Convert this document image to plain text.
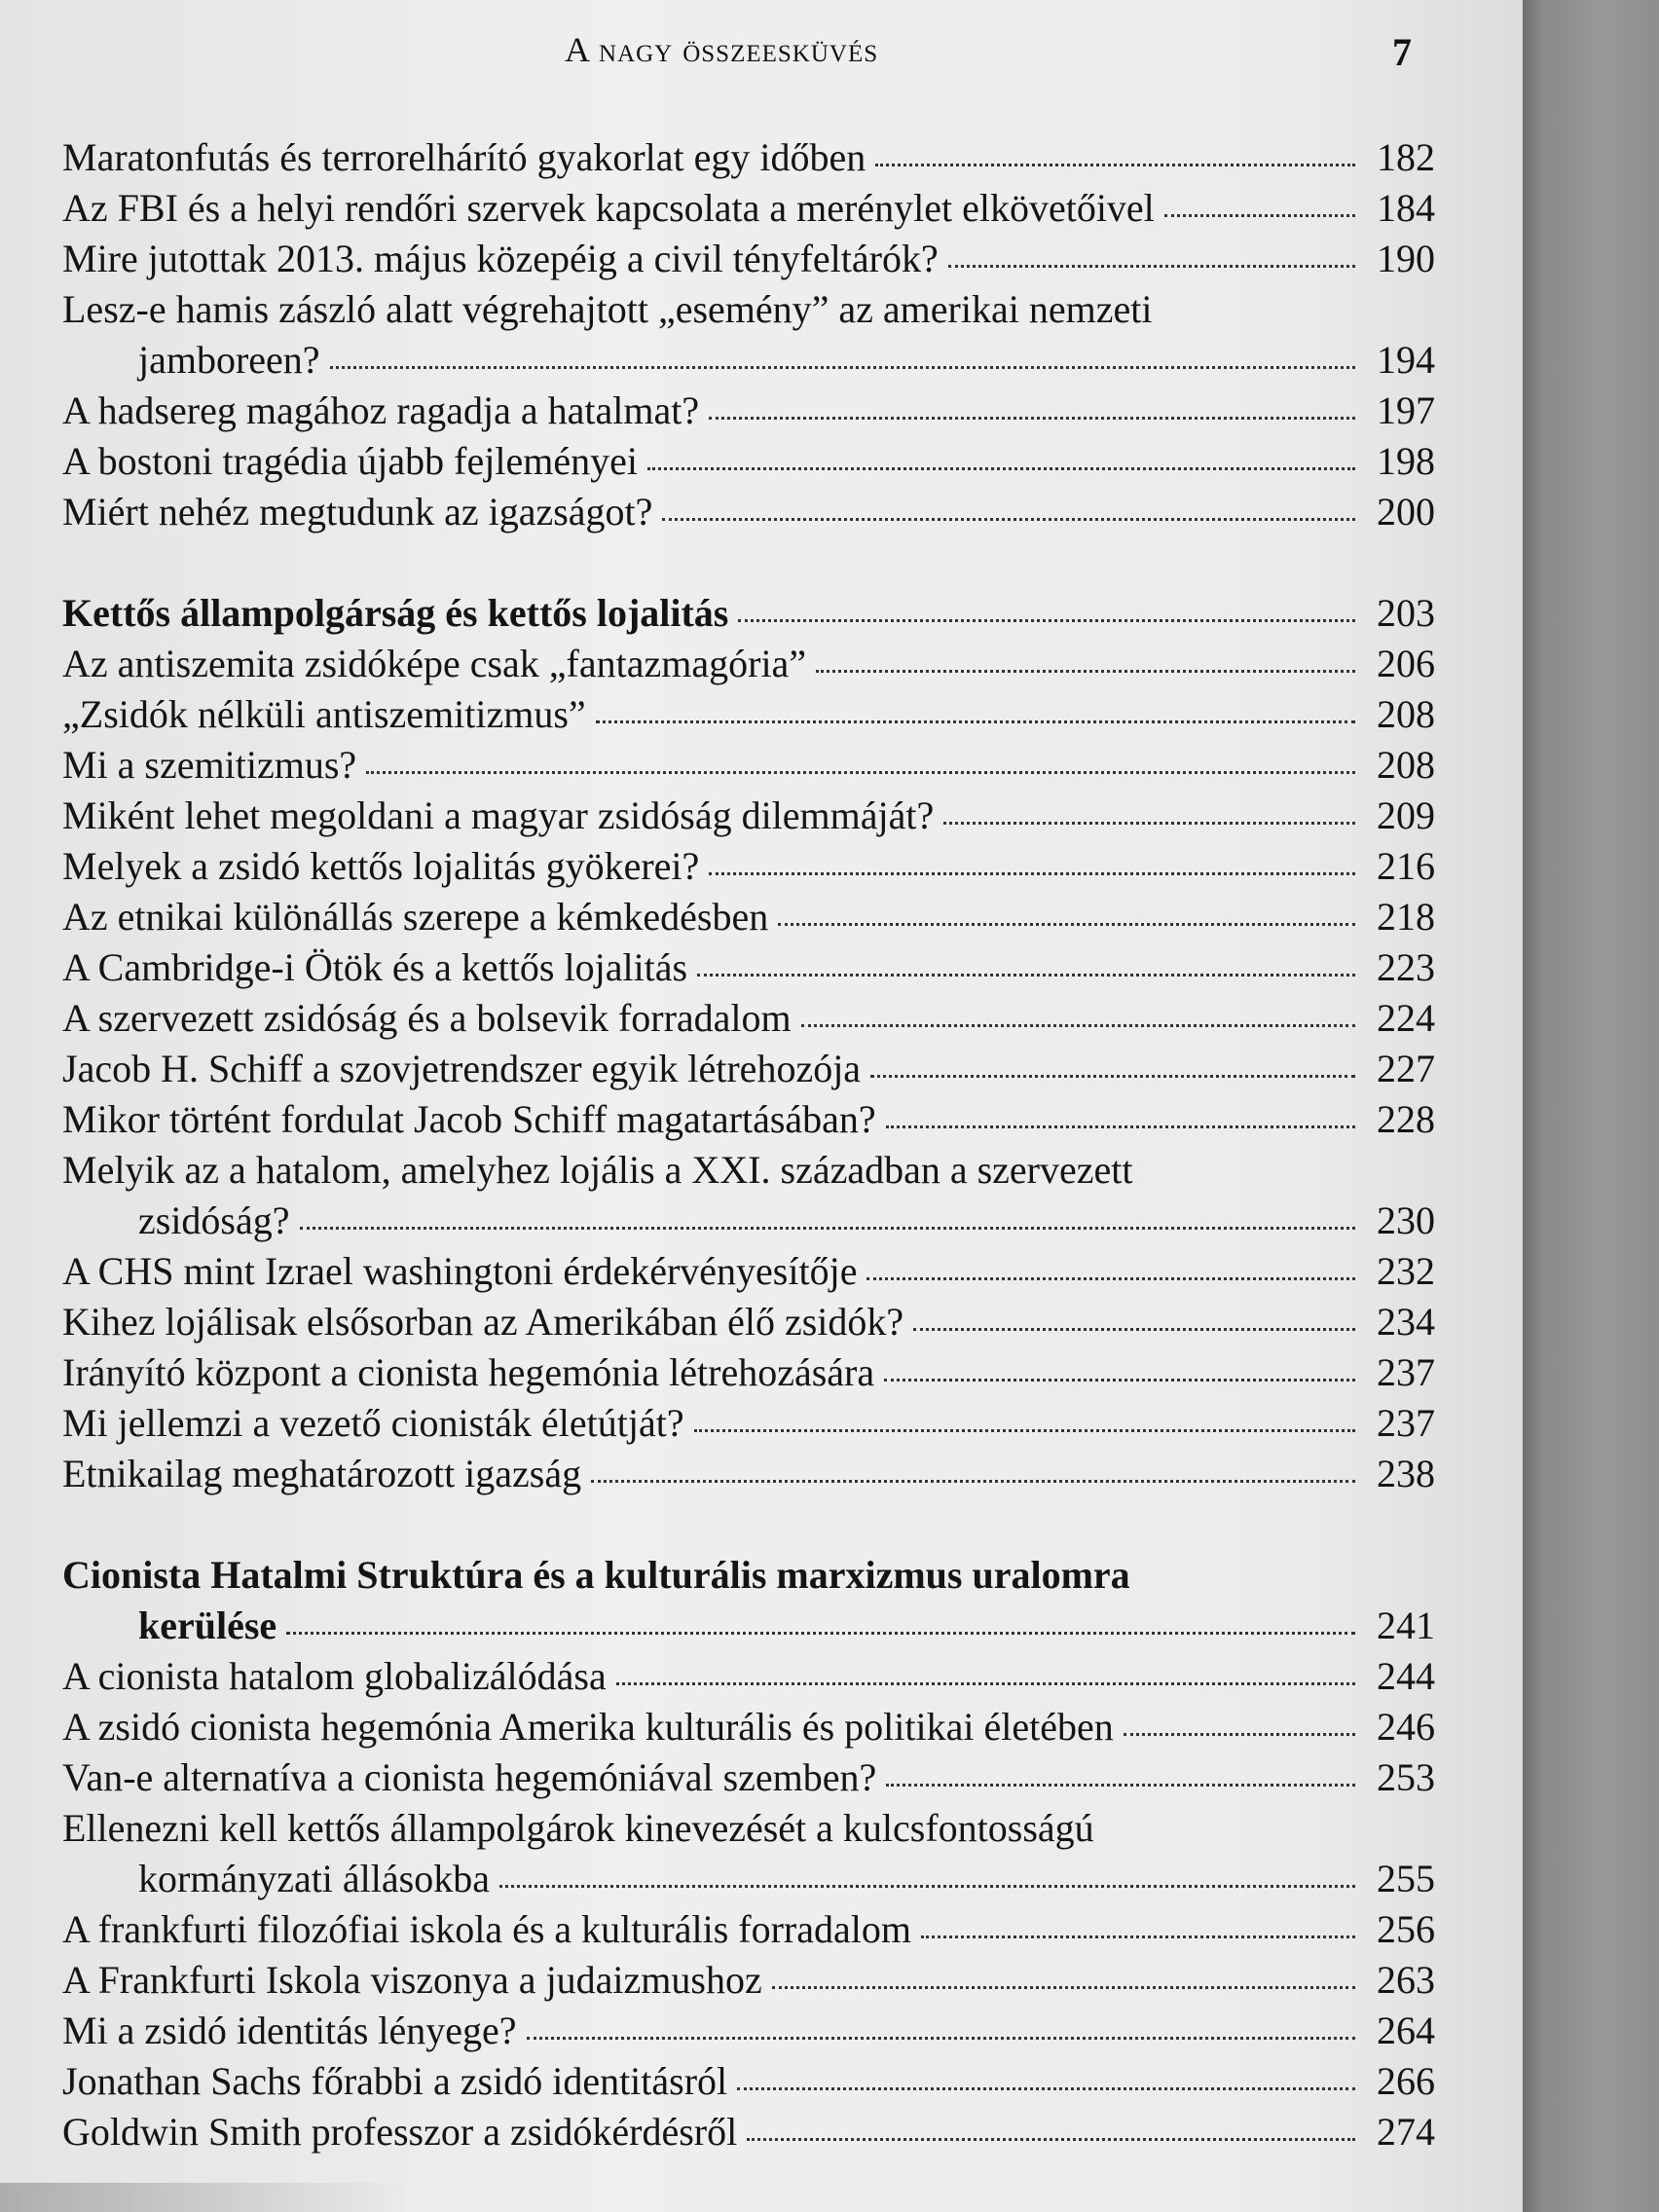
A nagy összeesküvés	7
Maratonfutás és terrorelhárító gyakorlat egy időben	182
Az FBI és a helyi rendőri szervek kapcsolata a merénylet elkövetőivel	184
Mire jutottak 2013. május közepéig a civil tényfeltárók?	190
Lesz-e hamis zászló alatt végrehajtott „esemény” az amerikai nemzeti
jamboreen?	194
A hadsereg magához ragadja a hatalmat?	197
A bostoni tragédia újabb fejleményei	198
Miért nehéz megtudunk az igazságot?	200
Kettős állampolgárság és kettős lojalitás	203
Az antiszemita zsidóképe csak „fantazmagória”	206
„Zsidók nélküli antiszemitizmus”	208
Mi a szemitizmus?	208
Miként lehet megoldani a magyar zsidóság dilemmáját?	209
Melyek a zsidó kettős lojalitás gyökerei?	216
Az etnikai különállás szerepe a kémkedésben	218
A Cambridge-i Ötök és a kettős lojalitás	223
A szervezett zsidóság és a bolsevik forradalom	224
Jacob H. Schiff a szovjetrendszer egyik létrehozója	227
Mikor történt fordulat Jacob Schiff magatartásában?	228
Melyik az a hatalom, amelyhez lojális a XXI. században a szervezett
zsidóság?	230
A CHS mint Izrael washingtoni érdekérvényesítője	232
Kihez lojálisak elsősorban az Amerikában élő zsidók?	234
Irányító központ a cionista hegemónia létrehozására	237
Mi jellemzi a vezető cionisták életútját?	237
Etnikailag meghatározott igazság	238
Cionista Hatalmi Struktúra és a kulturális marxizmus uralomra
kerülése	241
A cionista hatalom globalizálódása	244
A zsidó cionista hegemónia Amerika kulturális és politikai életében	246
Van-e alternatíva a cionista hegemóniával szemben?	253
Ellenezni kell kettős állampolgárok kinevezését a kulcsfontosságú
kormányzati állásokba	255
A frankfurti filozófiai iskola és a kulturális forradalom	256
A Frankfurti Iskola viszonya a judaizmushoz	263
Mi a zsidó identitás lényege?	264
Jonathan Sachs főrabbi a zsidó identitásról	266
Goldwin Smith professzor a zsidókérdésről	274
